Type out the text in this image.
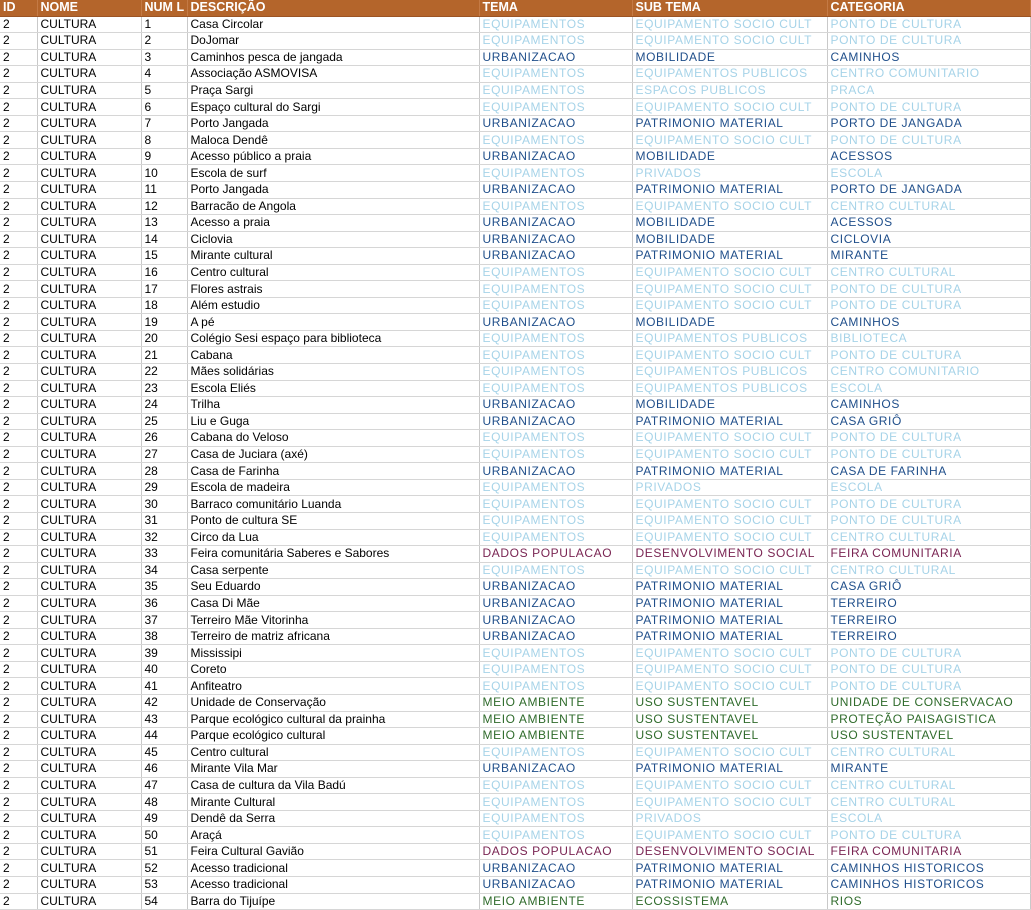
ID	NOME	NUM L	DESCRIÇÃO	TEMA	SUB TEMA	CATEGORIA
2	CULTURA	1	Casa Circolar	EQUIPAMENTOS	EQUIPAMENTO SOCIO CULT	PONTO DE CULTURA
2	CULTURA	2	DoJomar	EQUIPAMENTOS	EQUIPAMENTO SOCIO CULT	PONTO DE CULTURA
2	CULTURA	3	Caminhos pesca de jangada	URBANIZACAO	MOBILIDADE	CAMINHOS
2	CULTURA	4	Associação ASMOVISA	EQUIPAMENTOS	EQUIPAMENTOS PUBLICOS	CENTRO COMUNITARIO
2	CULTURA	5	Praça Sargi	EQUIPAMENTOS	ESPACOS PUBLICOS	PRACA
2	CULTURA	6	Espaço cultural do Sargi	EQUIPAMENTOS	EQUIPAMENTO SOCIO CULT	PONTO DE CULTURA
2	CULTURA	7	Porto Jangada	URBANIZACAO	PATRIMONIO MATERIAL	PORTO DE JANGADA
2	CULTURA	8	Maloca Dendê	EQUIPAMENTOS	EQUIPAMENTO SOCIO CULT	PONTO DE CULTURA
2	CULTURA	9	Acesso público a praia	URBANIZACAO	MOBILIDADE	ACESSOS
2	CULTURA	10	Escola de surf	EQUIPAMENTOS	PRIVADOS	ESCOLA
2	CULTURA	11	Porto Jangada	URBANIZACAO	PATRIMONIO MATERIAL	PORTO DE JANGADA
2	CULTURA	12	Barracão de Angola	EQUIPAMENTOS	EQUIPAMENTO SOCIO CULT	CENTRO CULTURAL
2	CULTURA	13	Acesso a praia	URBANIZACAO	MOBILIDADE	ACESSOS
2	CULTURA	14	Ciclovia	URBANIZACAO	MOBILIDADE	CICLOVIA
2	CULTURA	15	Mirante cultural	URBANIZACAO	PATRIMONIO MATERIAL	MIRANTE
2	CULTURA	16	Centro cultural	EQUIPAMENTOS	EQUIPAMENTO SOCIO CULT	CENTRO CULTURAL
2	CULTURA	17	Flores astrais	EQUIPAMENTOS	EQUIPAMENTO SOCIO CULT	PONTO DE CULTURA
2	CULTURA	18	Além estudio	EQUIPAMENTOS	EQUIPAMENTO SOCIO CULT	PONTO DE CULTURA
2	CULTURA	19	A pé	URBANIZACAO	MOBILIDADE	CAMINHOS
2	CULTURA	20	Colégio Sesi espaço para biblioteca	EQUIPAMENTOS	EQUIPAMENTOS PUBLICOS	BIBLIOTECA
2	CULTURA	21	Cabana	EQUIPAMENTOS	EQUIPAMENTO SOCIO CULT	PONTO DE CULTURA
2	CULTURA	22	Mães solidárias	EQUIPAMENTOS	EQUIPAMENTOS PUBLICOS	CENTRO COMUNITARIO
2	CULTURA	23	Escola Eliés	EQUIPAMENTOS	EQUIPAMENTOS PUBLICOS	ESCOLA
2	CULTURA	24	Trilha	URBANIZACAO	MOBILIDADE	CAMINHOS
2	CULTURA	25	Liu e Guga	URBANIZACAO	PATRIMONIO MATERIAL	CASA GRIÔ
2	CULTURA	26	Cabana do Veloso	EQUIPAMENTOS	EQUIPAMENTO SOCIO CULT	PONTO DE CULTURA
2	CULTURA	27	Casa de Juciara (axé)	EQUIPAMENTOS	EQUIPAMENTO SOCIO CULT	PONTO DE CULTURA
2	CULTURA	28	Casa de Farinha	URBANIZACAO	PATRIMONIO MATERIAL	CASA DE FARINHA
2	CULTURA	29	Escola de madeira	EQUIPAMENTOS	PRIVADOS	ESCOLA
2	CULTURA	30	Barraco comunitário Luanda	EQUIPAMENTOS	EQUIPAMENTO SOCIO CULT	PONTO DE CULTURA
2	CULTURA	31	Ponto de cultura SE	EQUIPAMENTOS	EQUIPAMENTO SOCIO CULT	PONTO DE CULTURA
2	CULTURA	32	Circo da Lua	EQUIPAMENTOS	EQUIPAMENTO SOCIO CULT	CENTRO CULTURAL
2	CULTURA	33	Feira comunitária Saberes e Sabores	DADOS POPULACAO	DESENVOLVIMENTO SOCIAL	FEIRA COMUNITARIA
2	CULTURA	34	Casa serpente	EQUIPAMENTOS	EQUIPAMENTO SOCIO CULT	CENTRO CULTURAL
2	CULTURA	35	Seu Eduardo	URBANIZACAO	PATRIMONIO MATERIAL	CASA GRIÔ
2	CULTURA	36	Casa Di Mãe	URBANIZACAO	PATRIMONIO MATERIAL	TERREIRO
2	CULTURA	37	Terreiro Mãe Vitorinha	URBANIZACAO	PATRIMONIO MATERIAL	TERREIRO
2	CULTURA	38	Terreiro de matriz africana	URBANIZACAO	PATRIMONIO MATERIAL	TERREIRO
2	CULTURA	39	Mississipi	EQUIPAMENTOS	EQUIPAMENTO SOCIO CULT	PONTO DE CULTURA
2	CULTURA	40	Coreto	EQUIPAMENTOS	EQUIPAMENTO SOCIO CULT	PONTO DE CULTURA
2	CULTURA	41	Anfiteatro	EQUIPAMENTOS	EQUIPAMENTO SOCIO CULT	PONTO DE CULTURA
2	CULTURA	42	Unidade de Conservação	MEIO AMBIENTE	USO SUSTENTAVEL	UNIDADE DE CONSERVACAO
2	CULTURA	43	Parque ecológico cultural da prainha	MEIO AMBIENTE	USO SUSTENTAVEL	PROTEÇÃO PAISAGISTICA
2	CULTURA	44	Parque ecológico cultural	MEIO AMBIENTE	USO SUSTENTAVEL	USO SUSTENTAVEL
2	CULTURA	45	Centro cultural	EQUIPAMENTOS	EQUIPAMENTO SOCIO CULT	CENTRO CULTURAL
2	CULTURA	46	Mirante Vila Mar	URBANIZACAO	PATRIMONIO MATERIAL	MIRANTE
2	CULTURA	47	Casa de cultura da Vila Badú	EQUIPAMENTOS	EQUIPAMENTO SOCIO CULT	CENTRO CULTURAL
2	CULTURA	48	Mirante Cultural	EQUIPAMENTOS	EQUIPAMENTO SOCIO CULT	CENTRO CULTURAL
2	CULTURA	49	Dendê da Serra	EQUIPAMENTOS	PRIVADOS	ESCOLA
2	CULTURA	50	Araçá	EQUIPAMENTOS	EQUIPAMENTO SOCIO CULT	PONTO DE CULTURA
2	CULTURA	51	Feira Cultural Gavião	DADOS POPULACAO	DESENVOLVIMENTO SOCIAL	FEIRA COMUNITARIA
2	CULTURA	52	Acesso tradicional	URBANIZACAO	PATRIMONIO MATERIAL	CAMINHOS HISTORICOS
2	CULTURA	53	Acesso tradicional	URBANIZACAO	PATRIMONIO MATERIAL	CAMINHOS HISTORICOS
2	CULTURA	54	Barra do Tijuípe	MEIO AMBIENTE	ECOSSISTEMA	RIOS
